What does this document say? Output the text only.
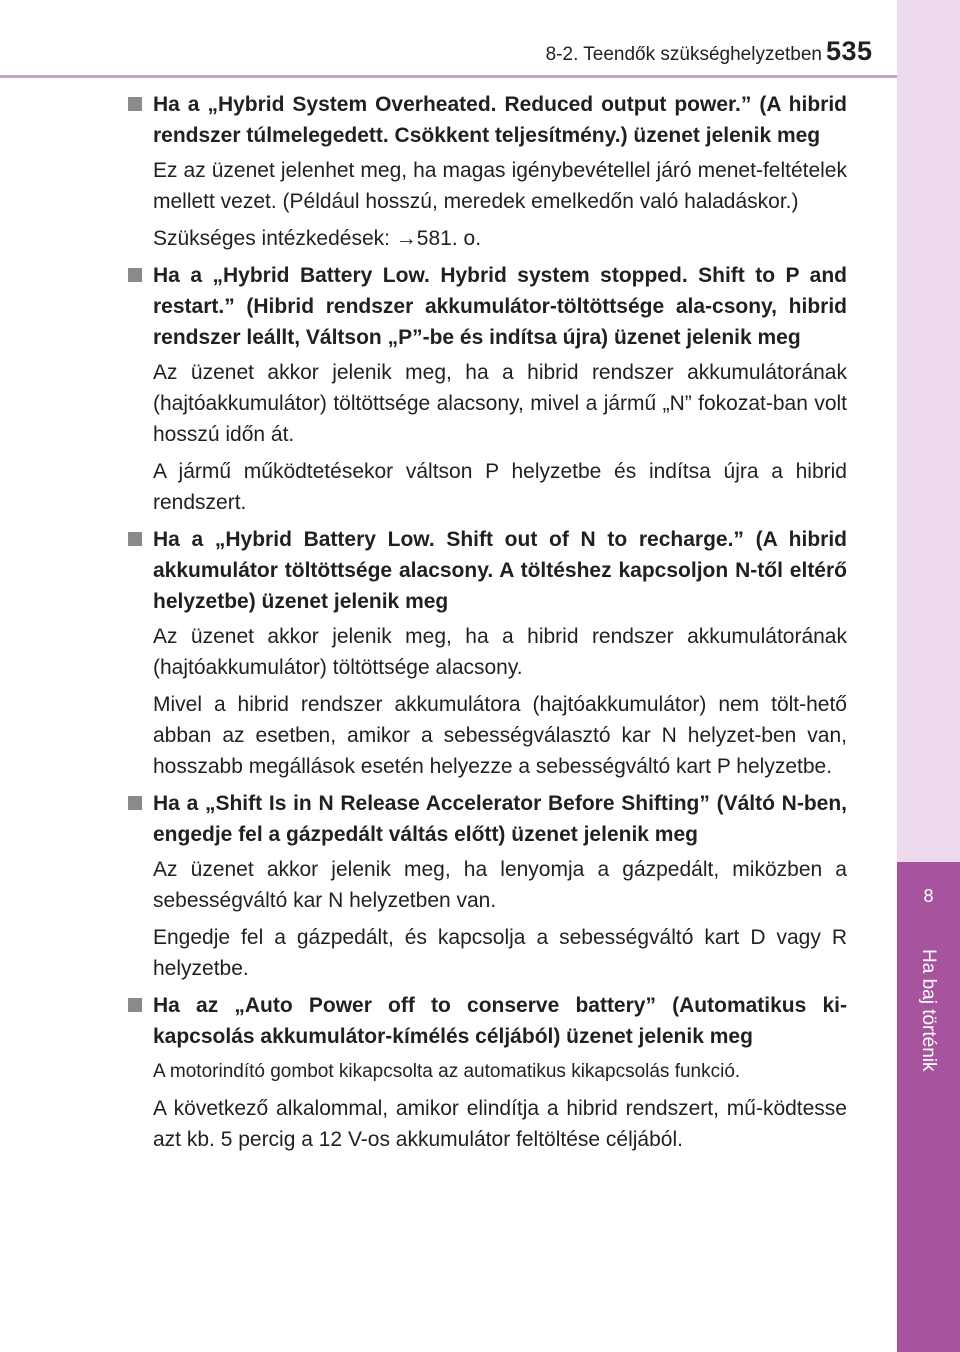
8-2. Teendők szükséghelyzetben 535
8
Ha baj történik

Ha a „Hybrid System Overheated. Reduced output power.” (A hibrid rendszer túlmelegedett. Csökkent teljesítmény.) üzenet jelenik meg

Ez az üzenet jelenhet meg, ha magas igénybevétellel járó menet-feltételek mellett vezet. (Például hosszú, meredek emelkedőn való haladáskor.)

Szükséges intézkedések: →581. o.

Ha a „Hybrid Battery Low. Hybrid system stopped. Shift to P and restart.” (Hibrid rendszer akkumulátor-töltöttsége ala-csony, hibrid rendszer leállt, Váltson „P”-be és indítsa újra) üzenet jelenik meg

Az üzenet akkor jelenik meg, ha a hibrid rendszer akkumulátorának (hajtóakkumulátor) töltöttsége alacsony, mivel a jármű „N” fokozat-ban volt hosszú időn át.

A jármű működtetésekor váltson P helyzetbe és indítsa újra a hibrid rendszert.

Ha a „Hybrid Battery Low. Shift out of N to recharge.” (A hibrid akkumulátor töltöttsége alacsony. A töltéshez kapcsoljon N-től eltérő helyzetbe) üzenet jelenik meg

Az üzenet akkor jelenik meg, ha a hibrid rendszer akkumulátorának (hajtóakkumulátor) töltöttsége alacsony.

Mivel a hibrid rendszer akkumulátora (hajtóakkumulátor) nem tölt-hető abban az esetben, amikor a sebességválasztó kar N helyzet-ben van, hosszabb megállások esetén helyezze a sebességváltó kart P helyzetbe.

Ha a „Shift Is in N Release Accelerator Before Shifting” (Váltó N-ben, engedje fel a gázpedált váltás előtt) üzenet jelenik meg

Az üzenet akkor jelenik meg, ha lenyomja a gázpedált, miközben a sebességváltó kar N helyzetben van.

Engedje fel a gázpedált, és kapcsolja a sebességváltó kart D vagy R helyzetbe.

Ha az „Auto Power off to conserve battery” (Automatikus ki-kapcsolás akkumulátor-kímélés céljából) üzenet jelenik meg

A motorindító gombot kikapcsolta az automatikus kikapcsolás funkció.

A következő alkalommal, amikor elindítja a hibrid rendszert, mű-ködtesse azt kb. 5 percig a 12 V-os akkumulátor feltöltése céljából.
